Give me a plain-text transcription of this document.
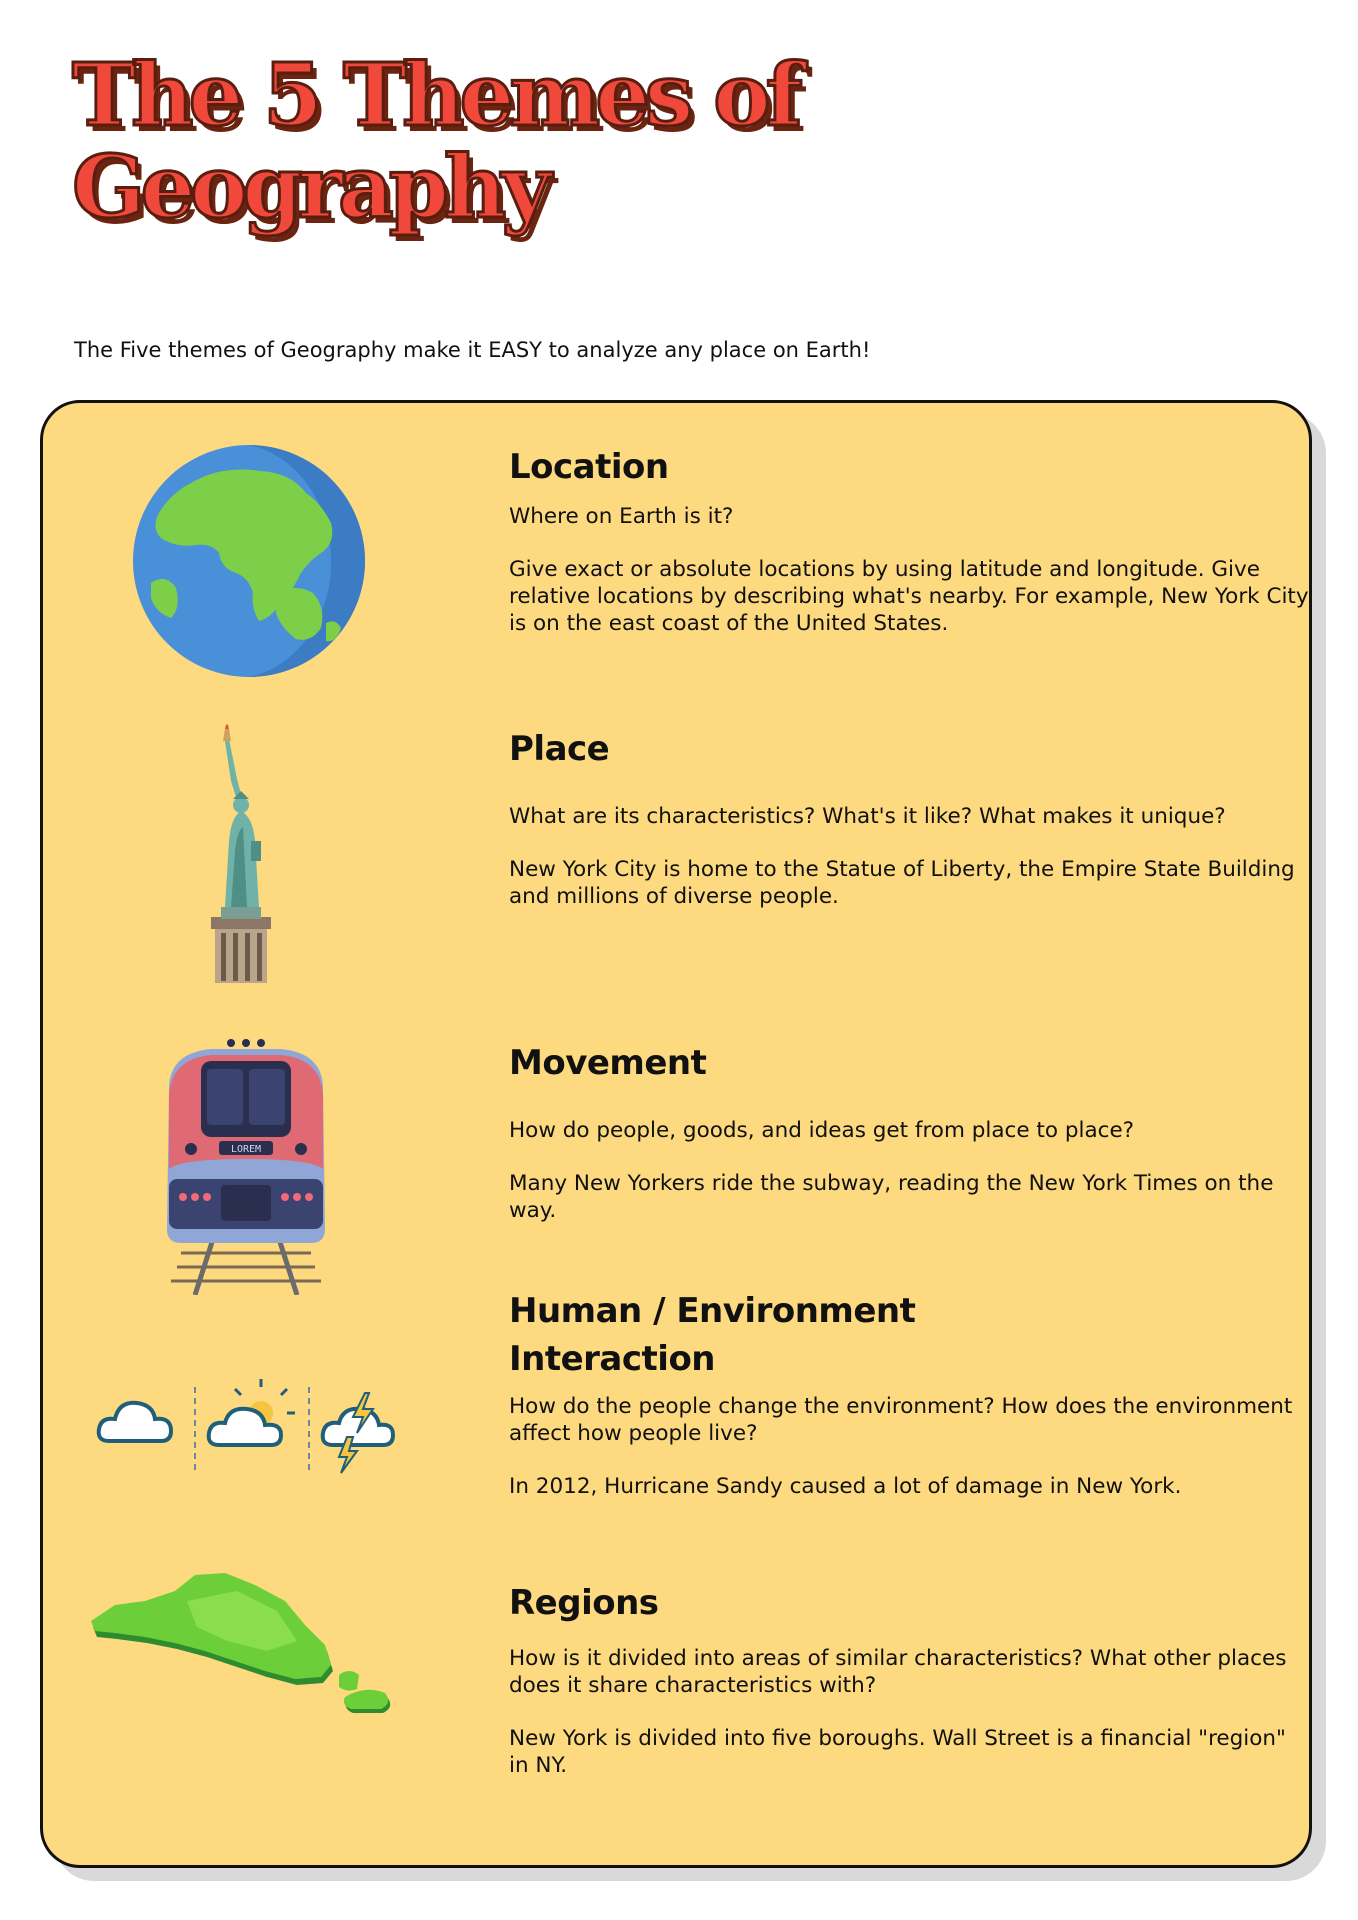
The 5 Themes of
Geography
The Five themes of Geography make it EASY to analyze any place on Earth!
LOREM
Location

Where on Earth is it?

Give exact or absolute locations by using latitude and longitude. Give relative locations by describing what's nearby. For example, New York City is on the east coast of the United States.

Place

What are its characteristics? What's it like? What makes it unique?

New York City is home to the Statue of Liberty, the Empire State Building and millions of diverse people.

Movement

How do people, goods, and ideas get from place to place?

Many New Yorkers ride the subway, reading the New York Times on the way.

Human / Environment Interaction

How do the people change the environment? How does the environment affect how people live?

In 2012, Hurricane Sandy caused a lot of damage in New York.

Regions

How is it divided into areas of similar characteristics? What other places does it share characteristics with?

New York is divided into five boroughs. Wall Street is a financial "region" in NY.
